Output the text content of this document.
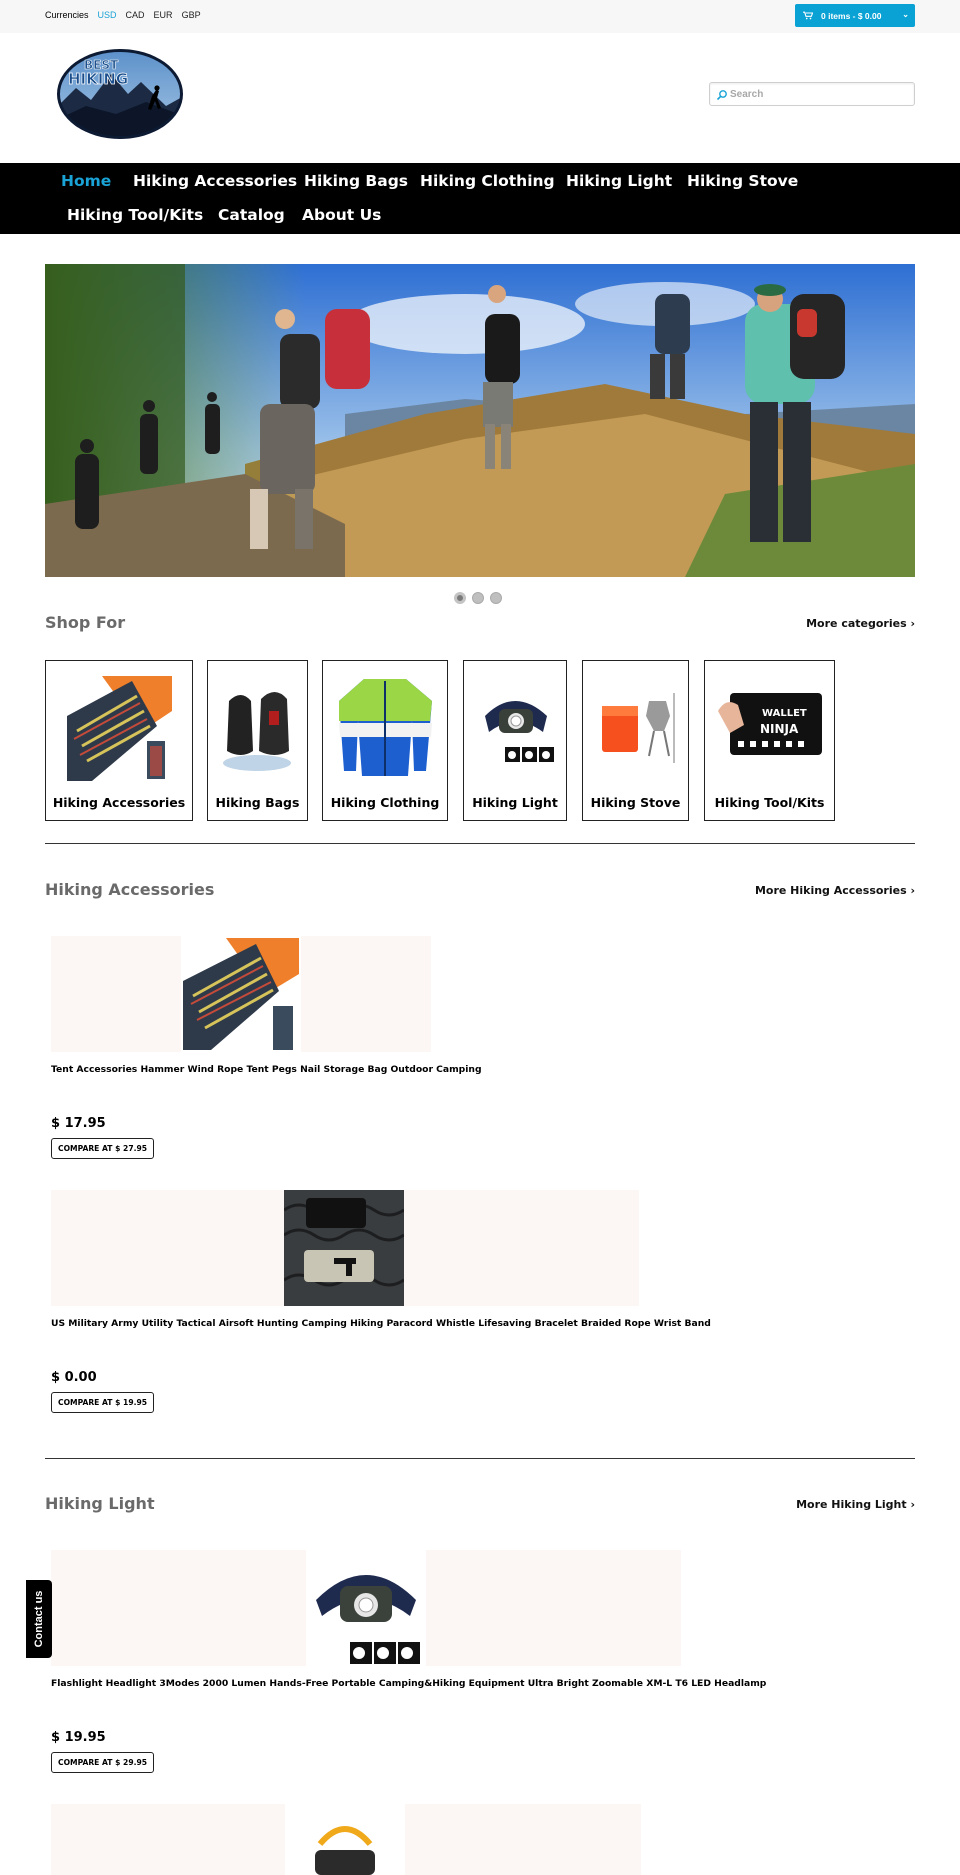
Currencies USD CAD EUR GBP	0 items - $ 0.00	⌄
BEST
HIKING
Search
Home Hiking Accessories Hiking Bags Hiking Clothing Hiking Light Hiking Stove
Hiking Tool/Kits Catalog About Us
Shop For	More categories ›
Hiking Accessories	Hiking Bags	Hiking Clothing	Hiking Light	Hiking Stove
WALLET
NINJA
Hiking Tool/Kits
Hiking Accessories	More Hiking Accessories ›
Tent Accessories Hammer Wind Rope Tent Pegs Nail Storage Bag Outdoor Camping
$ 17.95
COMPARE AT $ 27.95
US Military Army Utility Tactical Airsoft Hunting Camping Hiking Paracord Whistle Lifesaving Bracelet Braided Rope Wrist Band
$ 0.00
COMPARE AT $ 19.95
Hiking Light	More Hiking Light ›
Flashlight Headlight 3Modes 2000 Lumen Hands-Free Portable Camping&Hiking Equipment Ultra Bright Zoomable XM-L T6 LED Headlamp
$ 19.95
COMPARE AT $ 29.95
Contact us
